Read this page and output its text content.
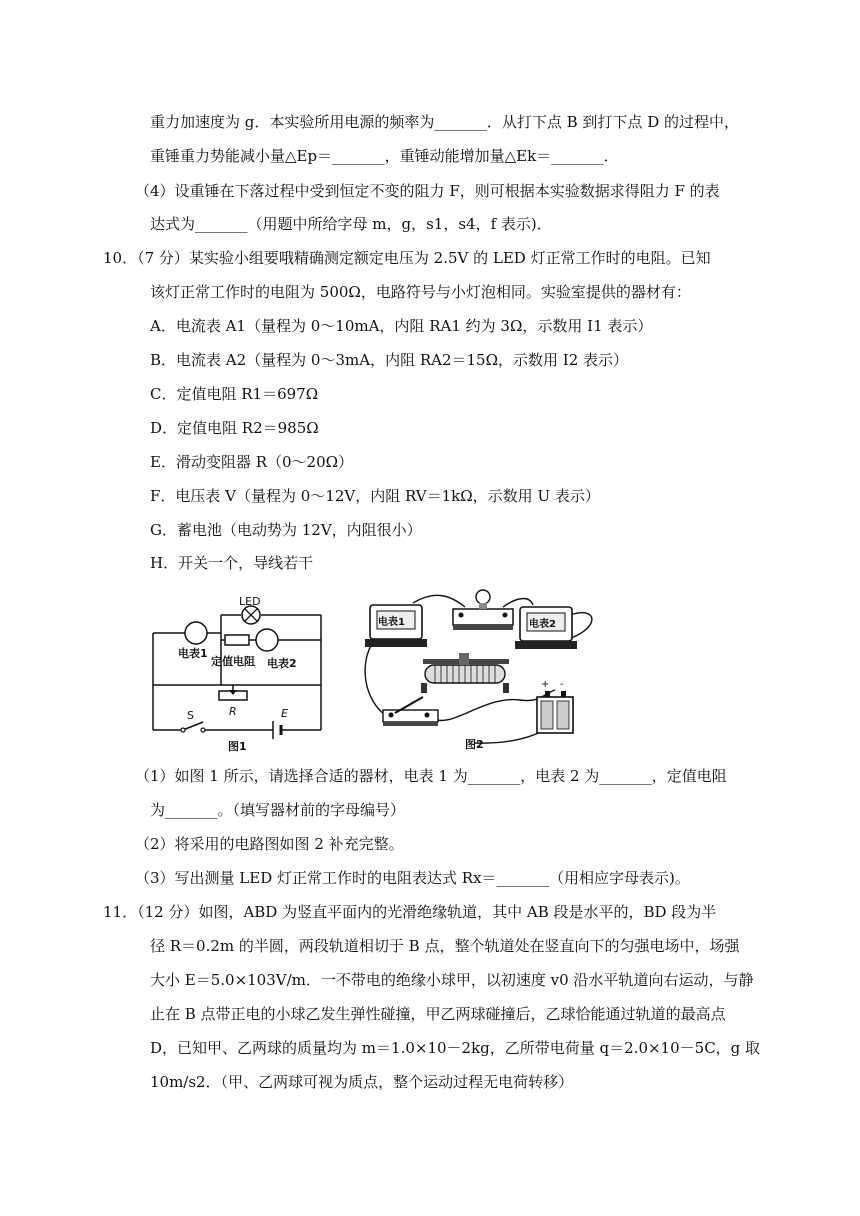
重力加速度为 g．本实验所用电源的频率为_______．从打下点 B 到打下点 D 的过程中，
重锤重力势能减小量△Ep＝_______，重锤动能增加量△Ek＝_______．
（4）设重锤在下落过程中受到恒定不变的阻力 F，则可根据本实验数据求得阻力 F 的表
达式为_______（用题中所给字母 m，g，s1，s4，f 表示)．
10．（7 分）某实验小组要哦精确测定额定电压为 2.5V 的 LED 灯正常工作时的电阻。已知
该灯正常工作时的电阻为 500Ω，电路符号与小灯泡相同。实验室提供的器材有：
A．电流表 A1（量程为 0～10mA，内阻 RA1 约为 3Ω，示数用 I1 表示）
B．电流表 A2（量程为 0～3mA，内阻 RA2＝15Ω，示数用 I2 表示）
C．定值电阻 R1＝697Ω
D．定值电阻 R2＝985Ω
E．滑动变阻器 R（0～20Ω）
F．电压表 V（量程为 0～12V，内阻 RV＝1kΩ，示数用 U 表示）
G．蓄电池（电动势为 12V，内阻很小）
H．开关一个，导线若干
LED
电表1
定值电阻 电表2
R
S	E
图1
电表1	电表2
+ -
图2
（1）如图 1 所示，请选择合适的器材，电表 1 为_______，电表 2 为_______，定值电阻
为_______。（填写器材前的字母编号）
（2）将采用的电路图如图 2 补充完整。
（3）写出测量 LED 灯正常工作时的电阻表达式 Rx＝_______（用相应字母表示)。
11．（12 分）如图，ABD 为竖直平面内的光滑绝缘轨道，其中 AB 段是水平的，BD 段为半
径 R＝0.2m 的半圆，两段轨道相切于 B 点，整个轨道处在竖直向下的匀强电场中，场强
大小 E＝5.0×103V/m．一不带电的绝缘小球甲，以初速度 v0 沿水平轨道向右运动，与静
止在 B 点带正电的小球乙发生弹性碰撞，甲乙两球碰撞后，乙球恰能通过轨道的最高点
D，已知甲、乙两球的质量均为 m＝1.0×10－2kg，乙所带电荷量 q＝2.0×10－5C，g 取
10m/s2．（甲、乙两球可视为质点，整个运动过程无电荷转移）
